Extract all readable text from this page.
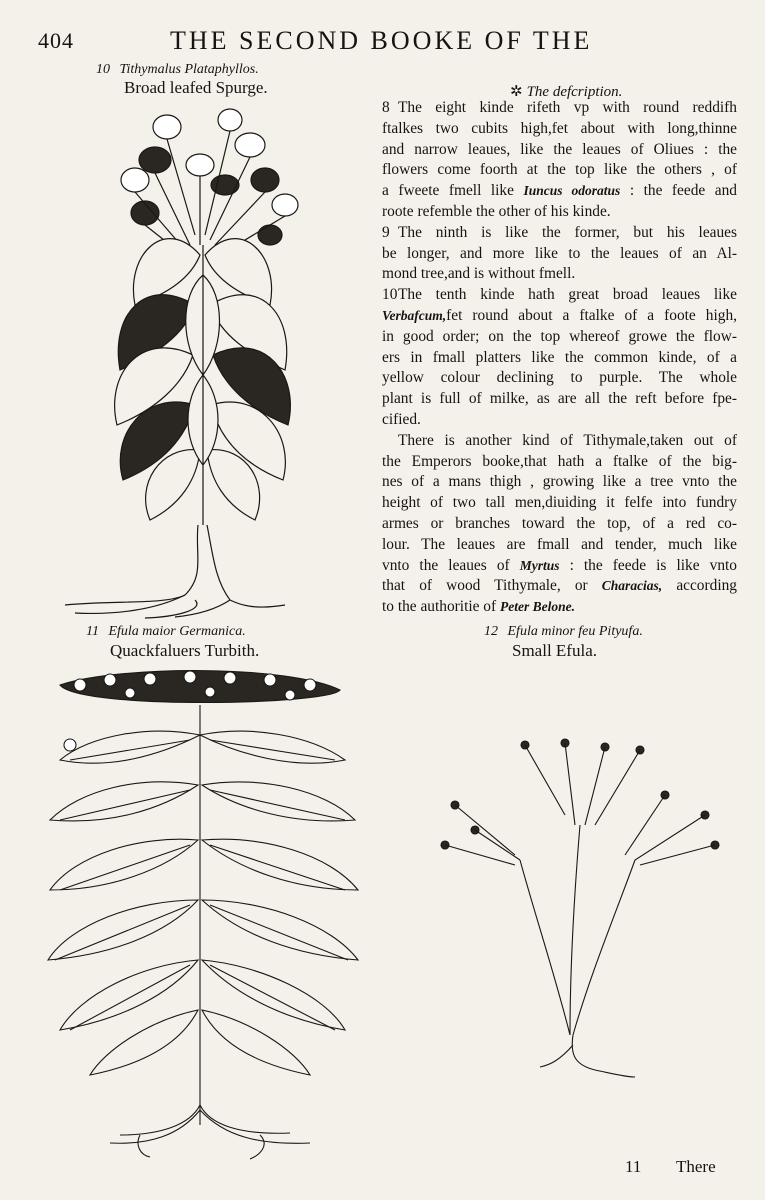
404	THE SECOND BOOKE OF THE
10 Tithymalus Plataphyllos.
Broad leafed Spurge.	✲ The defcription.

8 The eight kinde rifeth vp with round reddifh
ftalkes two cubits high,fet about with long,thinne
and narrow leaues, like the leaues of Oliues : the
flowers come foorth at the top like the others , of
a fweete fmell like Iuncus odoratus : the feede and
roote refemble the other of his kinde.

9 The ninth is like the former, but his leaues
be longer, and more like to the leaues of an Al-
mond tree,and is without fmell.

10The tenth kinde hath great broad leaues like
Verbafcum,fet round about a ftalke of a foote high,
in good order; on the top whereof growe the flow-
ers in fmall platters like the common kinde, of a
yellow colour declining to purple. The whole
plant is full of milke, as are all the reft before fpe-
cified.

There is another kind of Tithymale,taken out of
the Emperors booke,that hath a ftalke of the big-
nes of a mans thigh , growing like a tree vnto the
height of two tall men,diuiding it felfe into fundry
armes or branches toward the top, of a red co-
lour. The leaues are fmall and tender, much like
vnto the leaues of Myrtus : the feede is like vnto
that of wood Tithymale, or Characias, according
to the authoritie of Peter Belone.

11 Efula maior Germanica.
Quackfaluers Turbith.
12 Efula minor feu Pityufa.
Small Efula.
11 There
